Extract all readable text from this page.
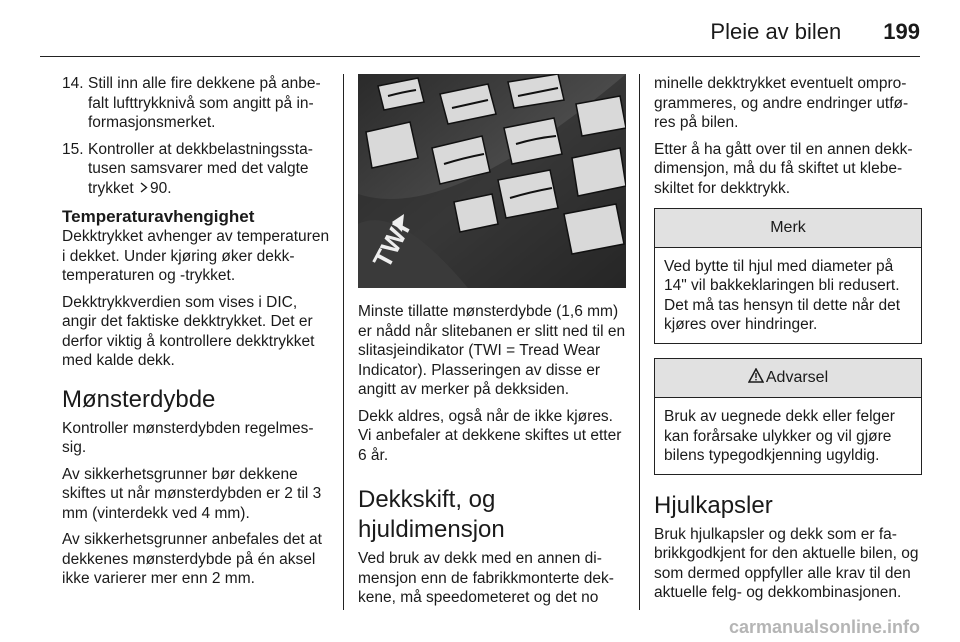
Pleie av bilen 199
14. Still inn alle fire dekkene på anbefalt lufttrykknivå som angitt på informasjonsmerket.
15. Kontroller at dekkbelastningsstatusen samsvarer med det valgte trykket 90.
Temperaturavhengighet

Dekktrykket avhenger av temperaturen i dekket. Under kjøring øker dekktemperaturen og -trykket.

Dekktrykkverdien som vises i DIC, angir det faktiske dekktrykket. Det er derfor viktig å kontrollere dekktrykket med kalde dekk.

Mønsterdybde

Kontroller mønsterdybden regelmessig.

Av sikkerhetsgrunner bør dekkene skiftes ut når mønsterdybden er 2 til 3 mm (vinterdekk ved 4 mm).

Av sikkerhetsgrunner anbefales det at dekkenes mønsterdybde på én aksel ikke varierer mer enn 2 mm.

TWI

Minste tillatte mønsterdybde (1,6 mm) er nådd når slitebanen er slitt ned til en slitasjeindikator (TWI = Tread Wear Indicator). Plasseringen av disse er angitt av merker på dekksiden.

Dekk aldres, også når de ikke kjøres. Vi anbefaler at dekkene skiftes ut etter 6 år.

Dekkskift, og hjuldimensjon

Ved bruk av dekk med en annen dimensjon enn de fabrikkmonterte dekkene, må speedometeret og det no

minelle dekktrykket eventuelt omprogrammeres, og andre endringer utføres på bilen.

Etter å ha gått over til en annen dekkdimensjon, må du få skiftet ut klebeskiltet for dekktrykk.

Merk
Ved bytte til hjul med diameter på 14" vil bakkeklaringen bli redusert. Det må tas hensyn til dette når det kjøres over hindringer.
Advarsel
Bruk av uegnede dekk eller felger kan forårsake ulykker og vil gjøre bilens typegodkjenning ugyldig.
Hjulkapsler

Bruk hjulkapsler og dekk som er fabrikkgodkjent for den aktuelle bilen, og som dermed oppfyller alle krav til den aktuelle felg- og dekkombinasjonen.

carmanualsonline.info
